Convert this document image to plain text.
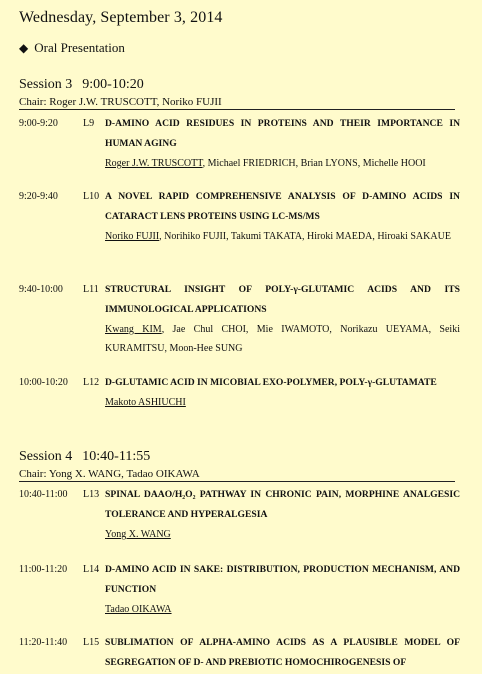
Wednesday, September 3, 2014
◆ Oral Presentation
Session 3 9:00-10:20
Chair: Roger J.W. TRUSCOTT, Noriko FUJII
9:00-9:20	L9 D-AMINO ACID RESIDUES IN PROTEINS AND THEIR IMPORTANCE IN HUMAN AGING
Roger J.W. TRUSCOTT, Michael FRIEDRICH, Brian LYONS, Michelle HOOI
9:20-9:40	L10 A NOVEL RAPID COMPREHENSIVE ANALYSIS OF D-AMINO ACIDS IN CATARACT LENS PROTEINS USING LC-MS/MS
Noriko FUJII, Norihiko FUJII, Takumi TAKATA, Hiroki MAEDA, Hiroaki SAKAUE
9:40-10:00 L11 STRUCTURAL INSIGHT OF POLY-γ-GLUTAMIC ACIDS AND ITS IMMUNOLOGICAL APPLICATIONS
Kwang KIM, Jae Chul CHOI, Mie IWAMOTO, Norikazu UEYAMA, Seiki KURAMITSU, Moon-Hee SUNG
10:00-10:20 L12 D-GLUTAMIC ACID IN MICOBIAL EXO-POLYMER, POLY-γ-GLUTAMATE
Makoto ASHIUCHI
Session 4 10:40-11:55
Chair: Yong X. WANG, Tadao OIKAWA
10:40-11:00 L13 SPINAL DAAO/H₂O₂ PATHWAY IN CHRONIC PAIN, MORPHINE ANALGESIC TOLERANCE AND HYPERALGESIA
Yong X. WANG
11:00-11:20 L14 D-AMINO ACID IN SAKE: DISTRIBUTION, PRODUCTION MECHANISM, AND FUNCTION
Tadao OIKAWA
11:20-11:40 L15 SUBLIMATION OF ALPHA-AMINO ACIDS AS A PLAUSIBLE MODEL OF SEGREGATION OF D- AND PREBIOTIC HOMOCHIROGENESIS OF
